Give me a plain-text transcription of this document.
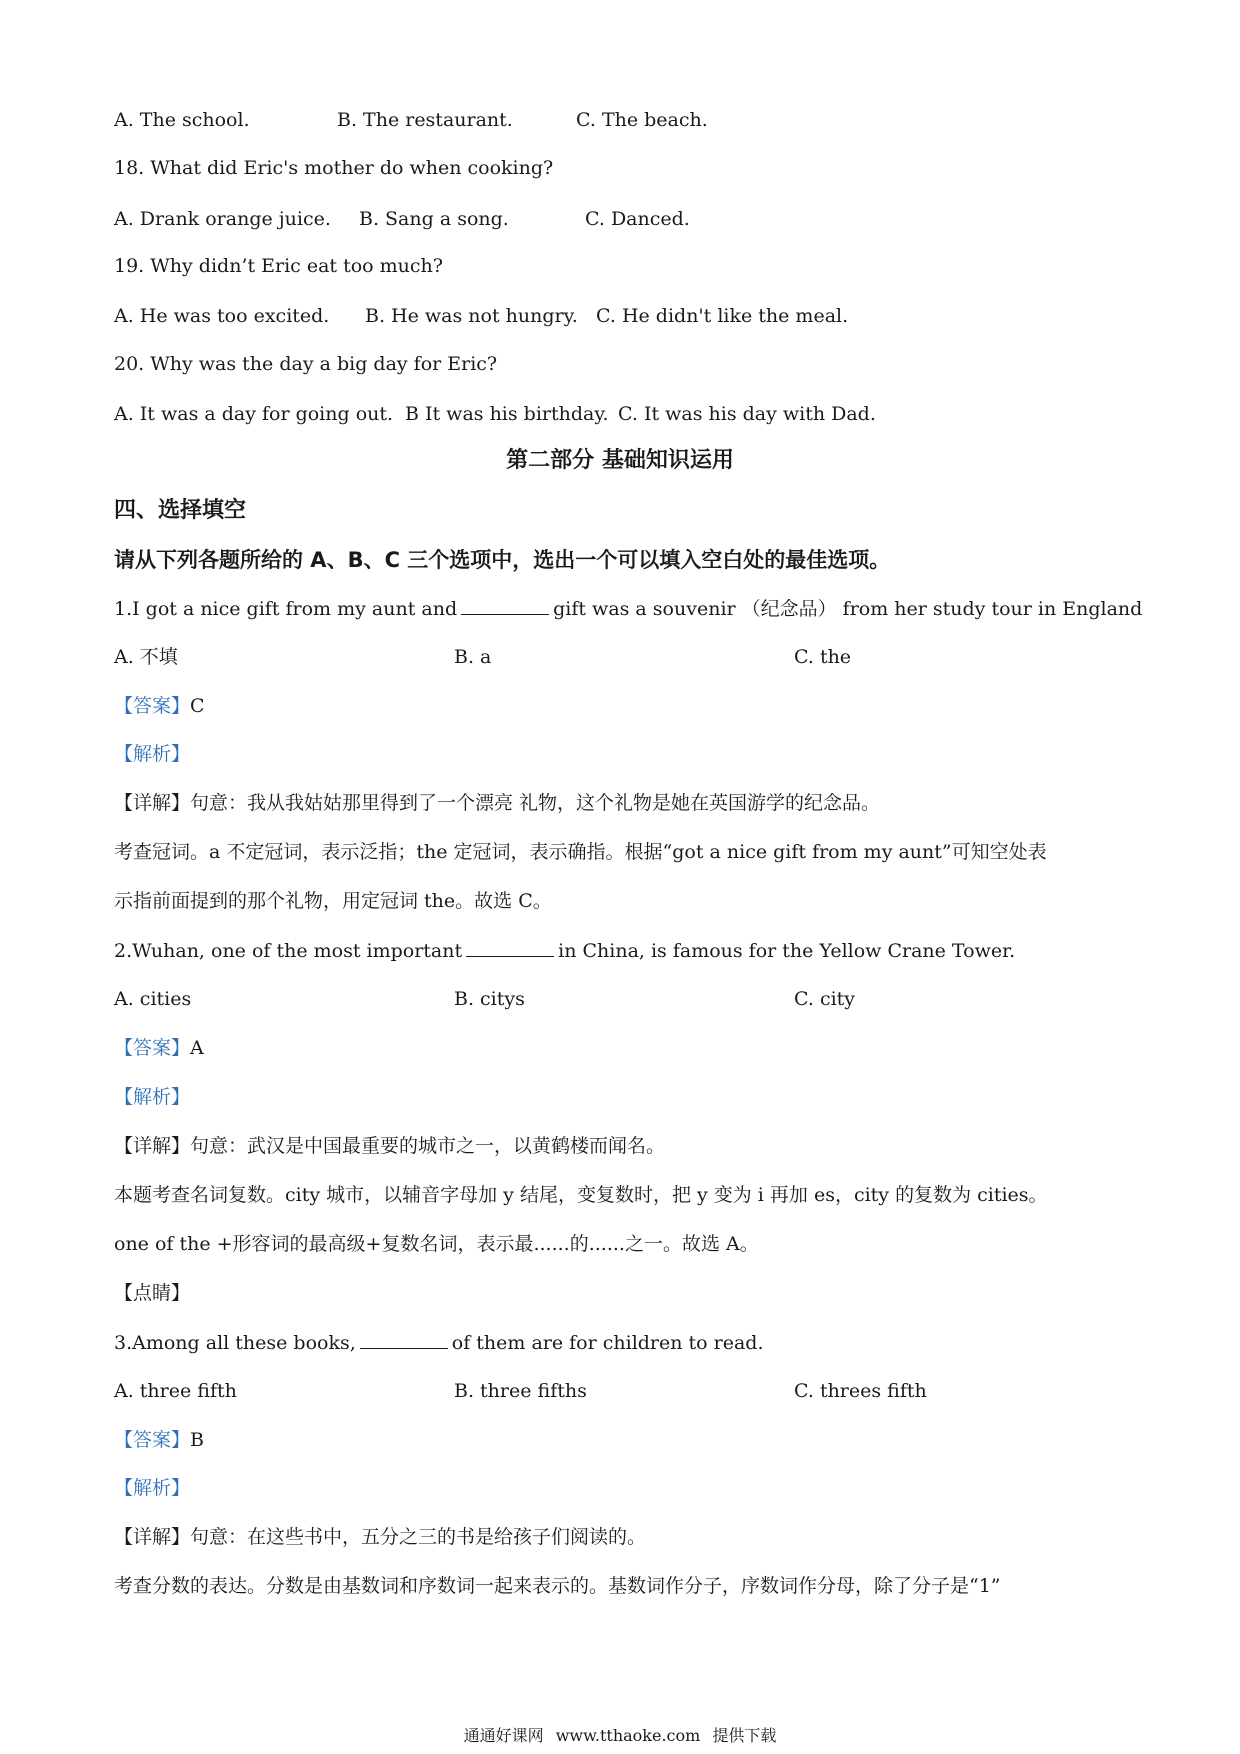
A. The school.	B. The restaurant.	C. The beach.
18. What did Eric's mother do when cooking?
A. Drank orange juice. B. Sang a song.	C. Danced.
19. Why didn’t Eric eat too much?
A. He was too excited. B. He was not hungry. C. He didn't like the meal.
20. Why was the day a big day for Eric?
A. It was a day for going out. B It was his birthday. C. It was his day with Dad.
第二部分 基础知识运用
四、选择填空
请从下列各题所给的 A、B、C 三个选项中，选出一个可以填入空白处的最佳选项。
1.I got a nice gift from my aunt and	gift was a souvenir （纪念品） from her study tour in England
A. 不填	B. a	C. the
【答案】C
【解析】
【详解】句意：我从我姑姑那里得到了一个漂亮 礼物，这个礼物是她在英国游学的纪念品。
考查冠词。a 不定冠词，表示泛指；the 定冠词，表示确指。根据“got a nice gift from my aunt”可知空处表
示指前面提到的那个礼物，用定冠词 the。故选 C。
2.Wuhan, one of the most important	in China, is famous for the Yellow Crane Tower.
A. cities	B. citys	C. city
【答案】A
【解析】
【详解】句意：武汉是中国最重要的城市之一，以黄鹤楼而闻名。
本题考查名词复数。city 城市，以辅音字母加 y 结尾，变复数时，把 y 变为 i 再加 es，city 的复数为 cities。
one of the +形容词的最高级+复数名词，表示最......的......之一。故选 A。
【点睛】
3.Among all these books,	of them are for children to read.
A. three fifth	B. three fifths	C. threes fifth
【答案】B
【解析】
【详解】句意：在这些书中，五分之三的书是给孩子们阅读的。
考查分数的表达。分数是由基数词和序数词一起来表示的。基数词作分子，序数词作分母，除了分子是“1”
通通好课网 www.tthaoke.com 提供下载
